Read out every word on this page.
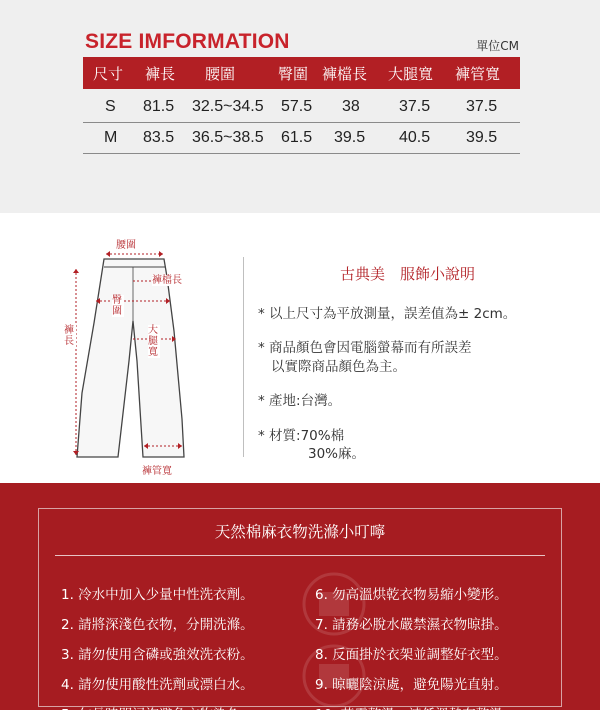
SIZE IMFORMATION	單位CM
尺寸 褲長 腰圍	臀圍 褲檔長 大腿寬 褲管寬
S 81.5 32.5~34.5 57.5 38 37.5 37.5
M 83.5 36.5~38.5 61.5 39.5 40.5 39.5
腰圍
褲檔長
臀圍
大腿寬
褲長
褲管寬
古典美　服飾小說明
* 以上尺寸為平放測量，誤差值為± 2cm。
* 商品顏色會因電腦螢幕而有所誤差
以實際商品顏色為主。
* 產地:台灣。
* 材質:70%棉
30%麻。
天然棉麻衣物洗滌小叮嚀
1. 冷水中加入少量中性洗衣劑。
2. 請將深淺色衣物，分開洗滌。
3. 請勿使用含磷或強效洗衣粉。
4. 請勿使用酸性洗劑或漂白水。
5. 勿長時間浸泡避免衣物染色。
6. 勿高溫烘乾衣物易縮小變形。
7. 請務必脫水嚴禁濕衣物晾掛。
8. 反面掛於衣架並調整好衣型。
9. 晾曬陰涼處，避免陽光直射。
10. 若需整燙，請低溫墊布整燙。
